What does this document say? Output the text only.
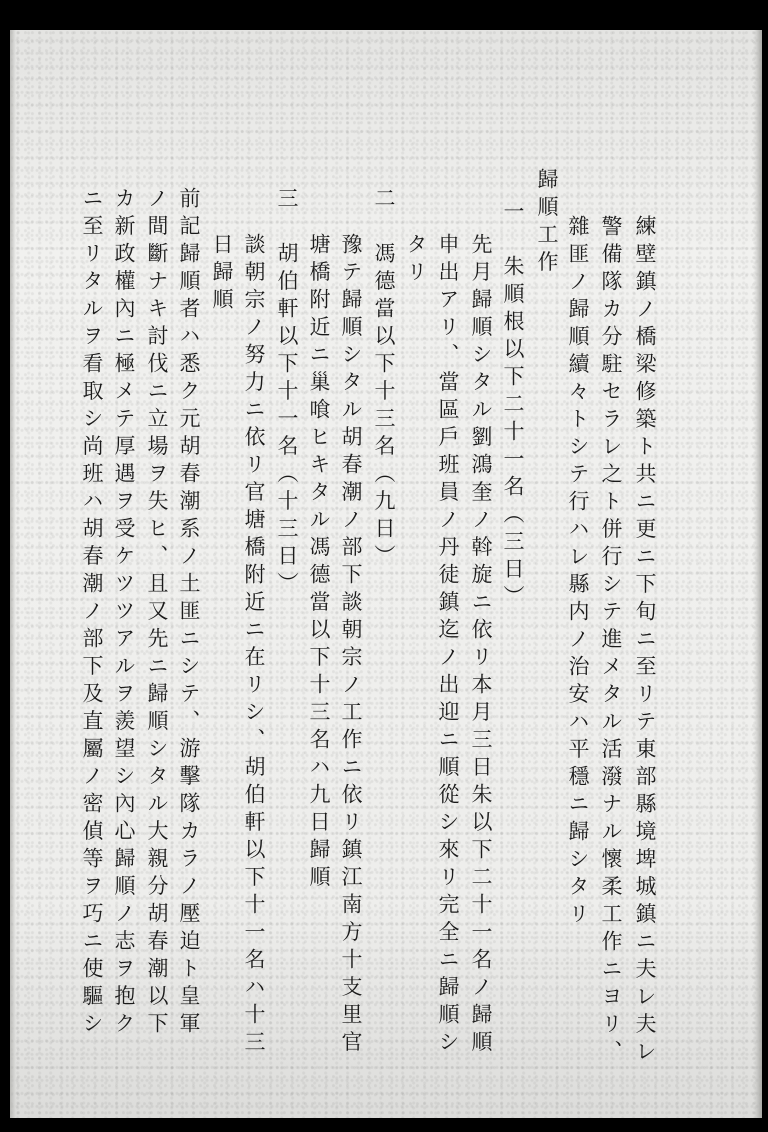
練壁鎮ノ橋梁修築ト共ニ更ニ下旬ニ至リテ東部縣境埤城鎮ニ夫レ夫レ
警備隊カ分駐セラレ之ト併行シテ進メタル活潑ナル懷柔工作ニヨリ、
雜匪ノ歸順續々トシテ行ハレ縣内ノ治安ハ平穩ニ歸シタリ
歸順工作
一　朱順根以下二十一名（三日）
先月歸順シタル劉鴻奎ノ斡旋ニ依リ本月三日朱以下二十一名ノ歸順
申出アリ、當區戶班員ノ丹徒鎮迄ノ出迎ニ順從シ來リ完全ニ歸順シ
タリ
二　馮德當以下十三名（九日）
豫テ歸順シタル胡春潮ノ部下談朝宗ノ工作ニ依リ鎮江南方十支里官
塘橋附近ニ巢喰ヒキタル馮德當以下十三名ハ九日歸順
三　胡伯軒以下十一名（十三日）
談朝宗ノ努力ニ依リ官塘橋附近ニ在リシ、胡伯軒以下十一名ハ十三
日歸順
前記歸順者ハ悉ク元胡春潮系ノ土匪ニシテ、游擊隊カラノ壓迫ト皇軍
ノ間斷ナキ討伐ニ立場ヲ失ヒ、且又先ニ歸順シタル大親分胡春潮以下
カ新政權內ニ極メテ厚遇ヲ受ケツツアルヲ羨望シ內心歸順ノ志ヲ抱ク
ニ至リタルヲ看取シ尚班ハ胡春潮ノ部下及直屬ノ密偵等ヲ巧ニ使驅シ
